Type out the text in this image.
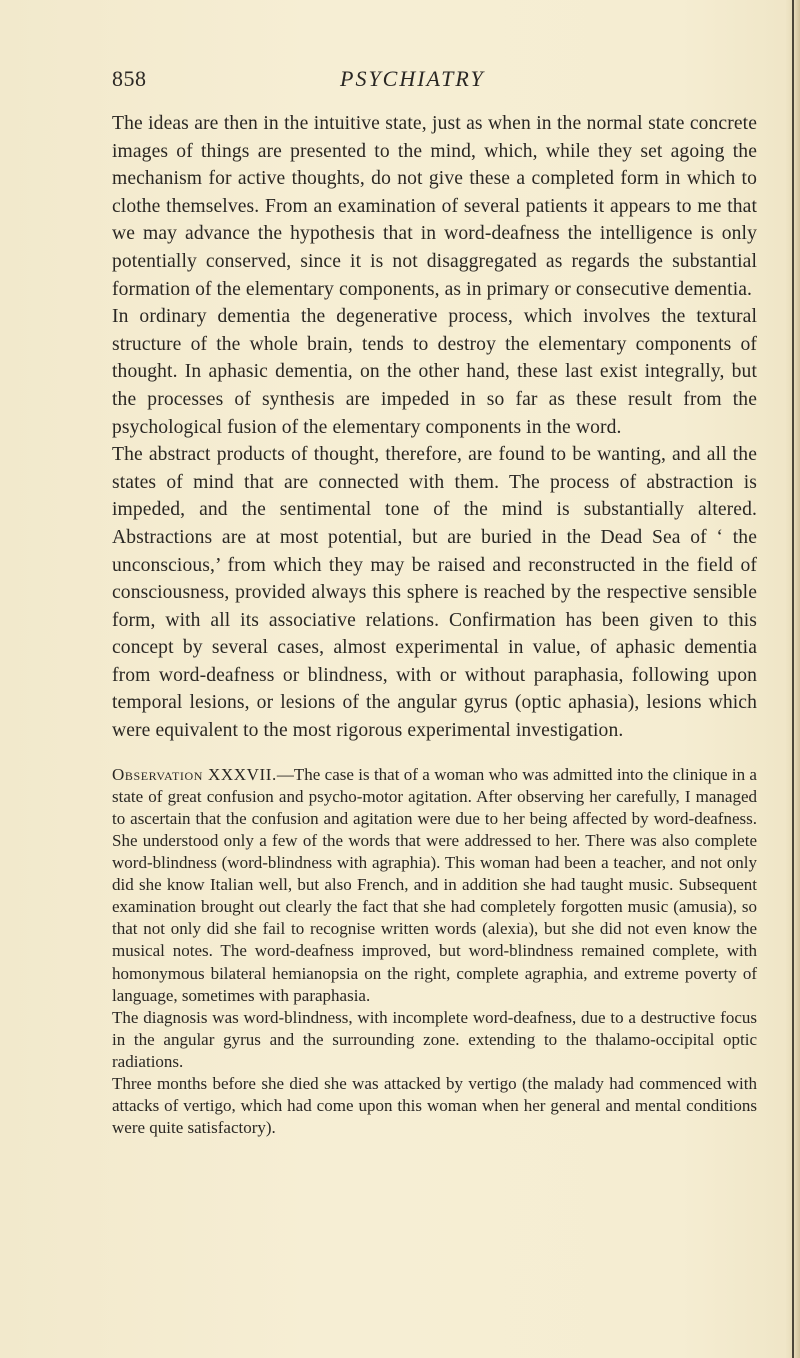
858	PSYCHIATRY

The ideas are then in the intuitive state, just as when in the normal state concrete images of things are presented to the mind, which, while they set agoing the mechanism for active thoughts, do not give these a completed form in which to clothe themselves. From an examination of several patients it appears to me that we may advance the hypothesis that in word-deafness the intelligence is only potentially conserved, since it is not disaggregated as regards the substantial formation of the elementary components, as in primary or consecutive dementia.

In ordinary dementia the degenerative process, which involves the textural structure of the whole brain, tends to destroy the elementary components of thought. In aphasic dementia, on the other hand, these last exist integrally, but the processes of synthesis are impeded in so far as these result from the psychological fusion of the elementary components in the word.

The abstract products of thought, therefore, are found to be wanting, and all the states of mind that are connected with them. The process of abstraction is impeded, and the sentimental tone of the mind is substantially altered. Abstractions are at most potential, but are buried in the Dead Sea of ‘ the unconscious,’ from which they may be raised and reconstructed in the field of consciousness, provided always this sphere is reached by the respective sensible form, with all its associative relations. Confirmation has been given to this concept by several cases, almost experimental in value, of aphasic dementia from word-deafness or blindness, with or without paraphasia, following upon temporal lesions, or lesions of the angular gyrus (optic aphasia), lesions which were equivalent to the most rigorous experimental investigation.

Observation XXXVII.—The case is that of a woman who was admitted into the clinique in a state of great confusion and psycho-motor agitation. After observing her carefully, I managed to ascertain that the confusion and agitation were due to her being affected by word-deafness. She understood only a few of the words that were addressed to her. There was also complete word-blindness (word-blindness with agraphia). This woman had been a teacher, and not only did she know Italian well, but also French, and in addition she had taught music. Subsequent examination brought out clearly the fact that she had completely forgotten music (amusia), so that not only did she fail to recognise written words (alexia), but she did not even know the musical notes. The word-deafness improved, but word-blindness remained complete, with homonymous bilateral hemianopsia on the right, complete agraphia, and extreme poverty of language, sometimes with paraphasia.

The diagnosis was word-blindness, with incomplete word-deafness, due to a destructive focus in the angular gyrus and the surrounding zone. extending to the thalamo-occipital optic radiations.

Three months before she died she was attacked by vertigo (the malady had commenced with attacks of vertigo, which had come upon this woman when her general and mental conditions were quite satisfactory).
